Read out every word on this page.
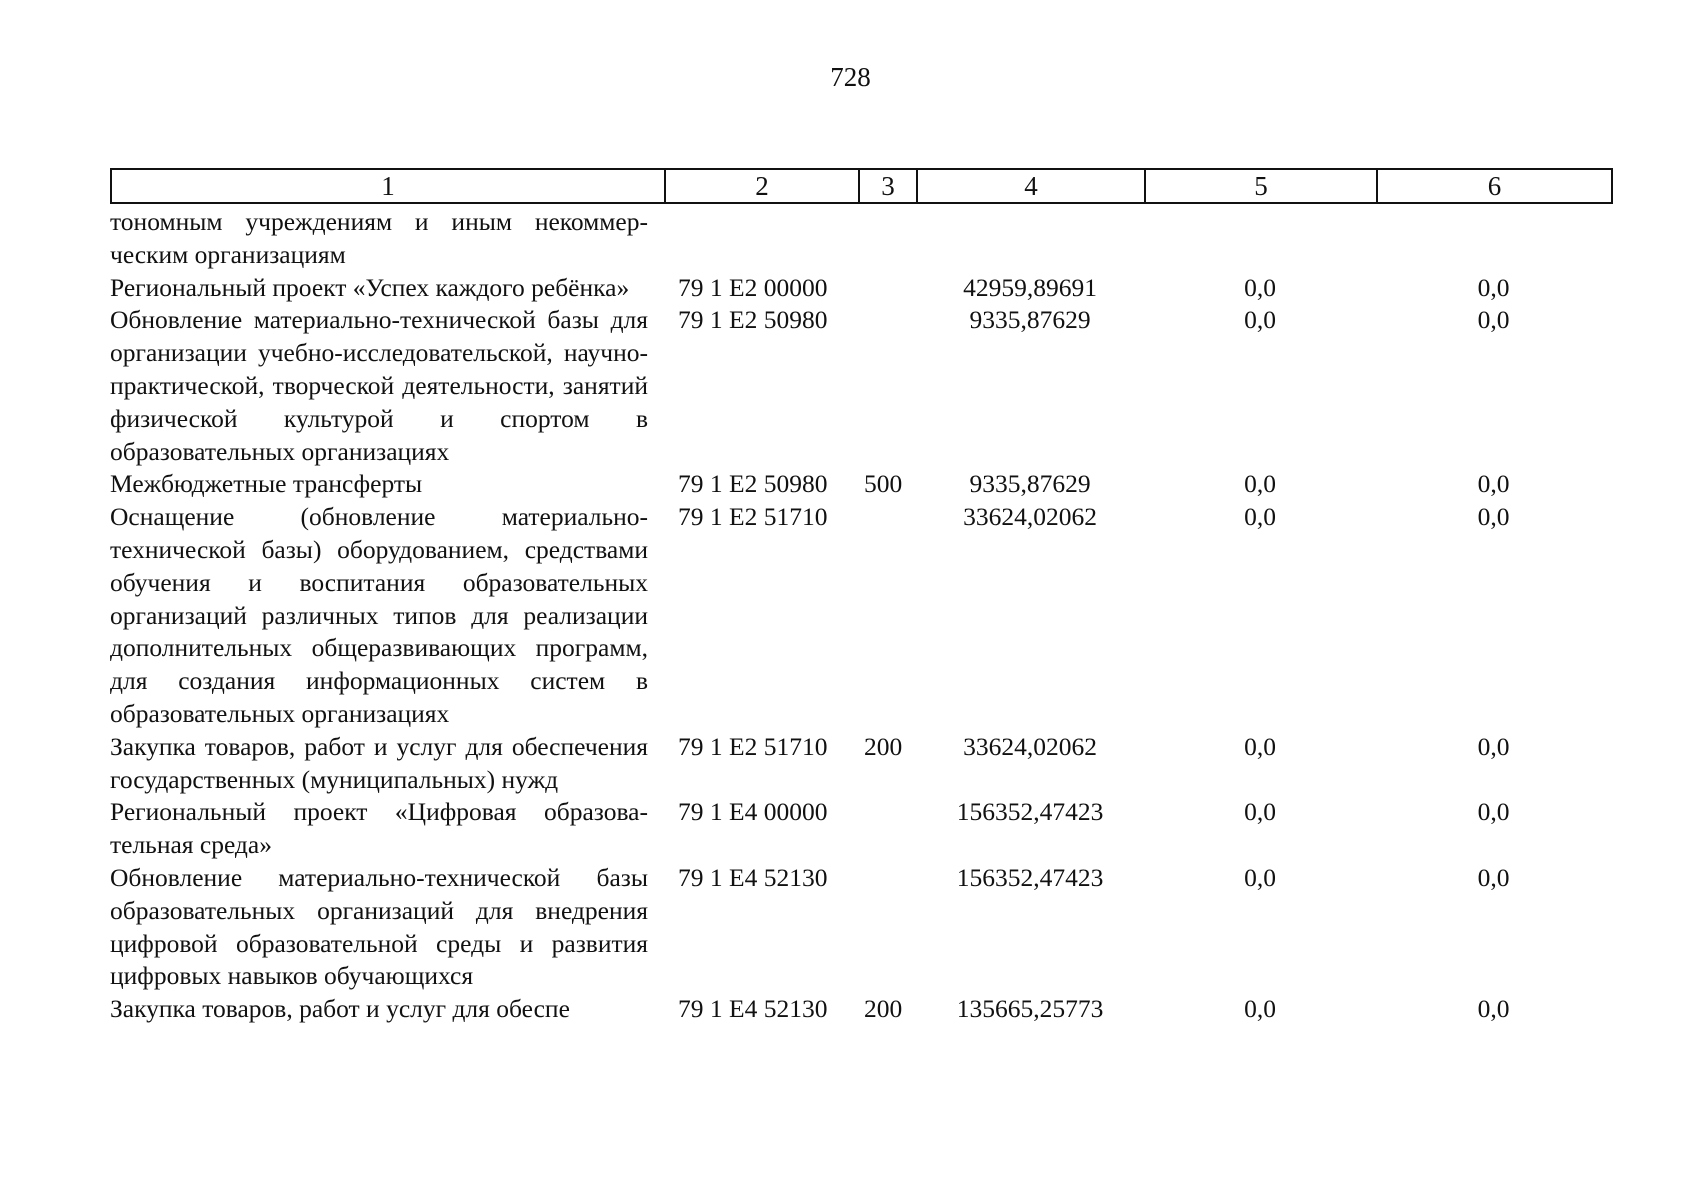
728
1	2	3	4	5	6
тономным учреждениям и иным некоммерческим организациям					
Региональный проект «Успех каждого ребёнка»	79 1 E2 00000		42959,89691	0,0	0,0
Обновление материально-технической базы для организации учебно-исследовательской, научно-практической, творческой деятельности, занятий физической культурой и спортом в образовательных организациях	79 1 E2 50980		9335,87629	0,0	0,0
Межбюджетные трансферты	79 1 E2 50980	500	9335,87629	0,0	0,0
Оснащение (обновление материально-технической базы) оборудованием, средствами обучения и воспитания образовательных организаций различных типов для реализации дополнительных общеразвивающих программ, для создания информационных систем в образовательных организациях	79 1 E2 51710		33624,02062	0,0	0,0
Закупка товаров, работ и услуг для обеспечения государственных (муниципальных) нужд	79 1 E2 51710	200	33624,02062	0,0	0,0
Региональный проект «Цифровая образовательная среда»	79 1 E4 00000		156352,47423	0,0	0,0
Обновление материально-технической базы образовательных организаций для внедрения цифровой образовательной среды и развития цифровых навыков обучающихся	79 1 E4 52130		156352,47423	0,0	0,0
Закупка товаров, работ и услуг для обеспе	79 1 E4 52130	200	135665,25773	0,0	0,0
